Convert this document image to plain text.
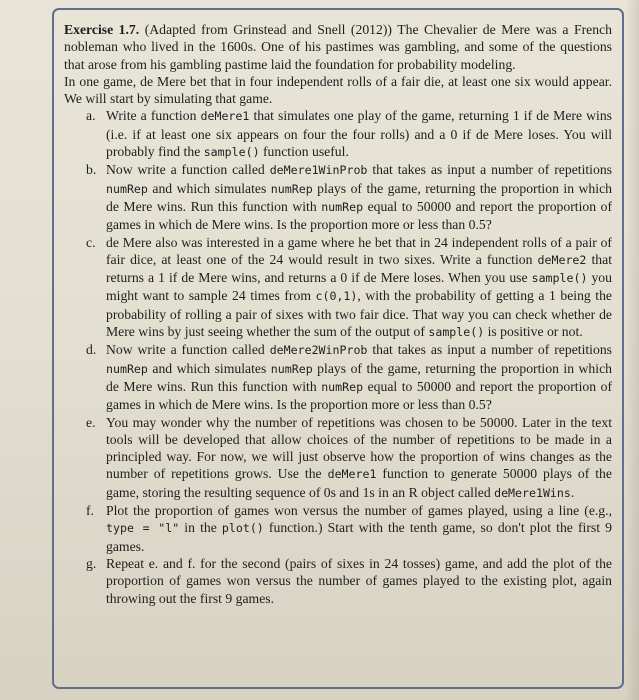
Exercise 1.7. (Adapted from Grinstead and Snell (2012)) The Chevalier de Mere was a French nobleman who lived in the 1600s. One of his pastimes was gambling, and some of the questions that arose from his gambling pastime laid the foundation for probability modeling.

In one game, de Mere bet that in four independent rolls of a fair die, at least one six would appear. We will start by simulating that game.

a. Write a function deMere1 that simulates one play of the game, returning 1 if de Mere wins (i.e. if at least one six appears on four the four rolls) and a 0 if de Mere loses. You will probably find the sample() function useful.
b. Now write a function called deMere1WinProb that takes as input a number of repetitions numRep and which simulates numRep plays of the game, returning the proportion in which de Mere wins. Run this function with numRep equal to 50000 and report the proportion of games in which de Mere wins. Is the proportion more or less than 0.5?
c. de Mere also was interested in a game where he bet that in 24 independent rolls of a pair of fair dice, at least one of the 24 would result in two sixes. Write a function deMere2 that returns a 1 if de Mere wins, and returns a 0 if de Mere loses. When you use sample() you might want to sample 24 times from c(0,1), with the probability of getting a 1 being the probability of rolling a pair of sixes with two fair dice. That way you can check whether de Mere wins by just seeing whether the sum of the output of sample() is positive or not.
d. Now write a function called deMere2WinProb that takes as input a number of repetitions numRep and which simulates numRep plays of the game, returning the proportion in which de Mere wins. Run this function with numRep equal to 50000 and report the proportion of games in which de Mere wins. Is the proportion more or less than 0.5?
e. You may wonder why the number of repetitions was chosen to be 50000. Later in the text tools will be developed that allow choices of the number of repetitions to be made in a principled way. For now, we will just observe how the proportion of wins changes as the number of repetitions grows. Use the deMere1 function to generate 50000 plays of the game, storing the resulting sequence of 0s and 1s in an R object called deMere1Wins.
f. Plot the proportion of games won versus the number of games played, using a line (e.g., type = "l" in the plot() function.) Start with the tenth game, so don't plot the first 9 games.
g. Repeat e. and f. for the second (pairs of sixes in 24 tosses) game, and add the plot of the proportion of games won versus the number of games played to the existing plot, again throwing out the first 9 games.
